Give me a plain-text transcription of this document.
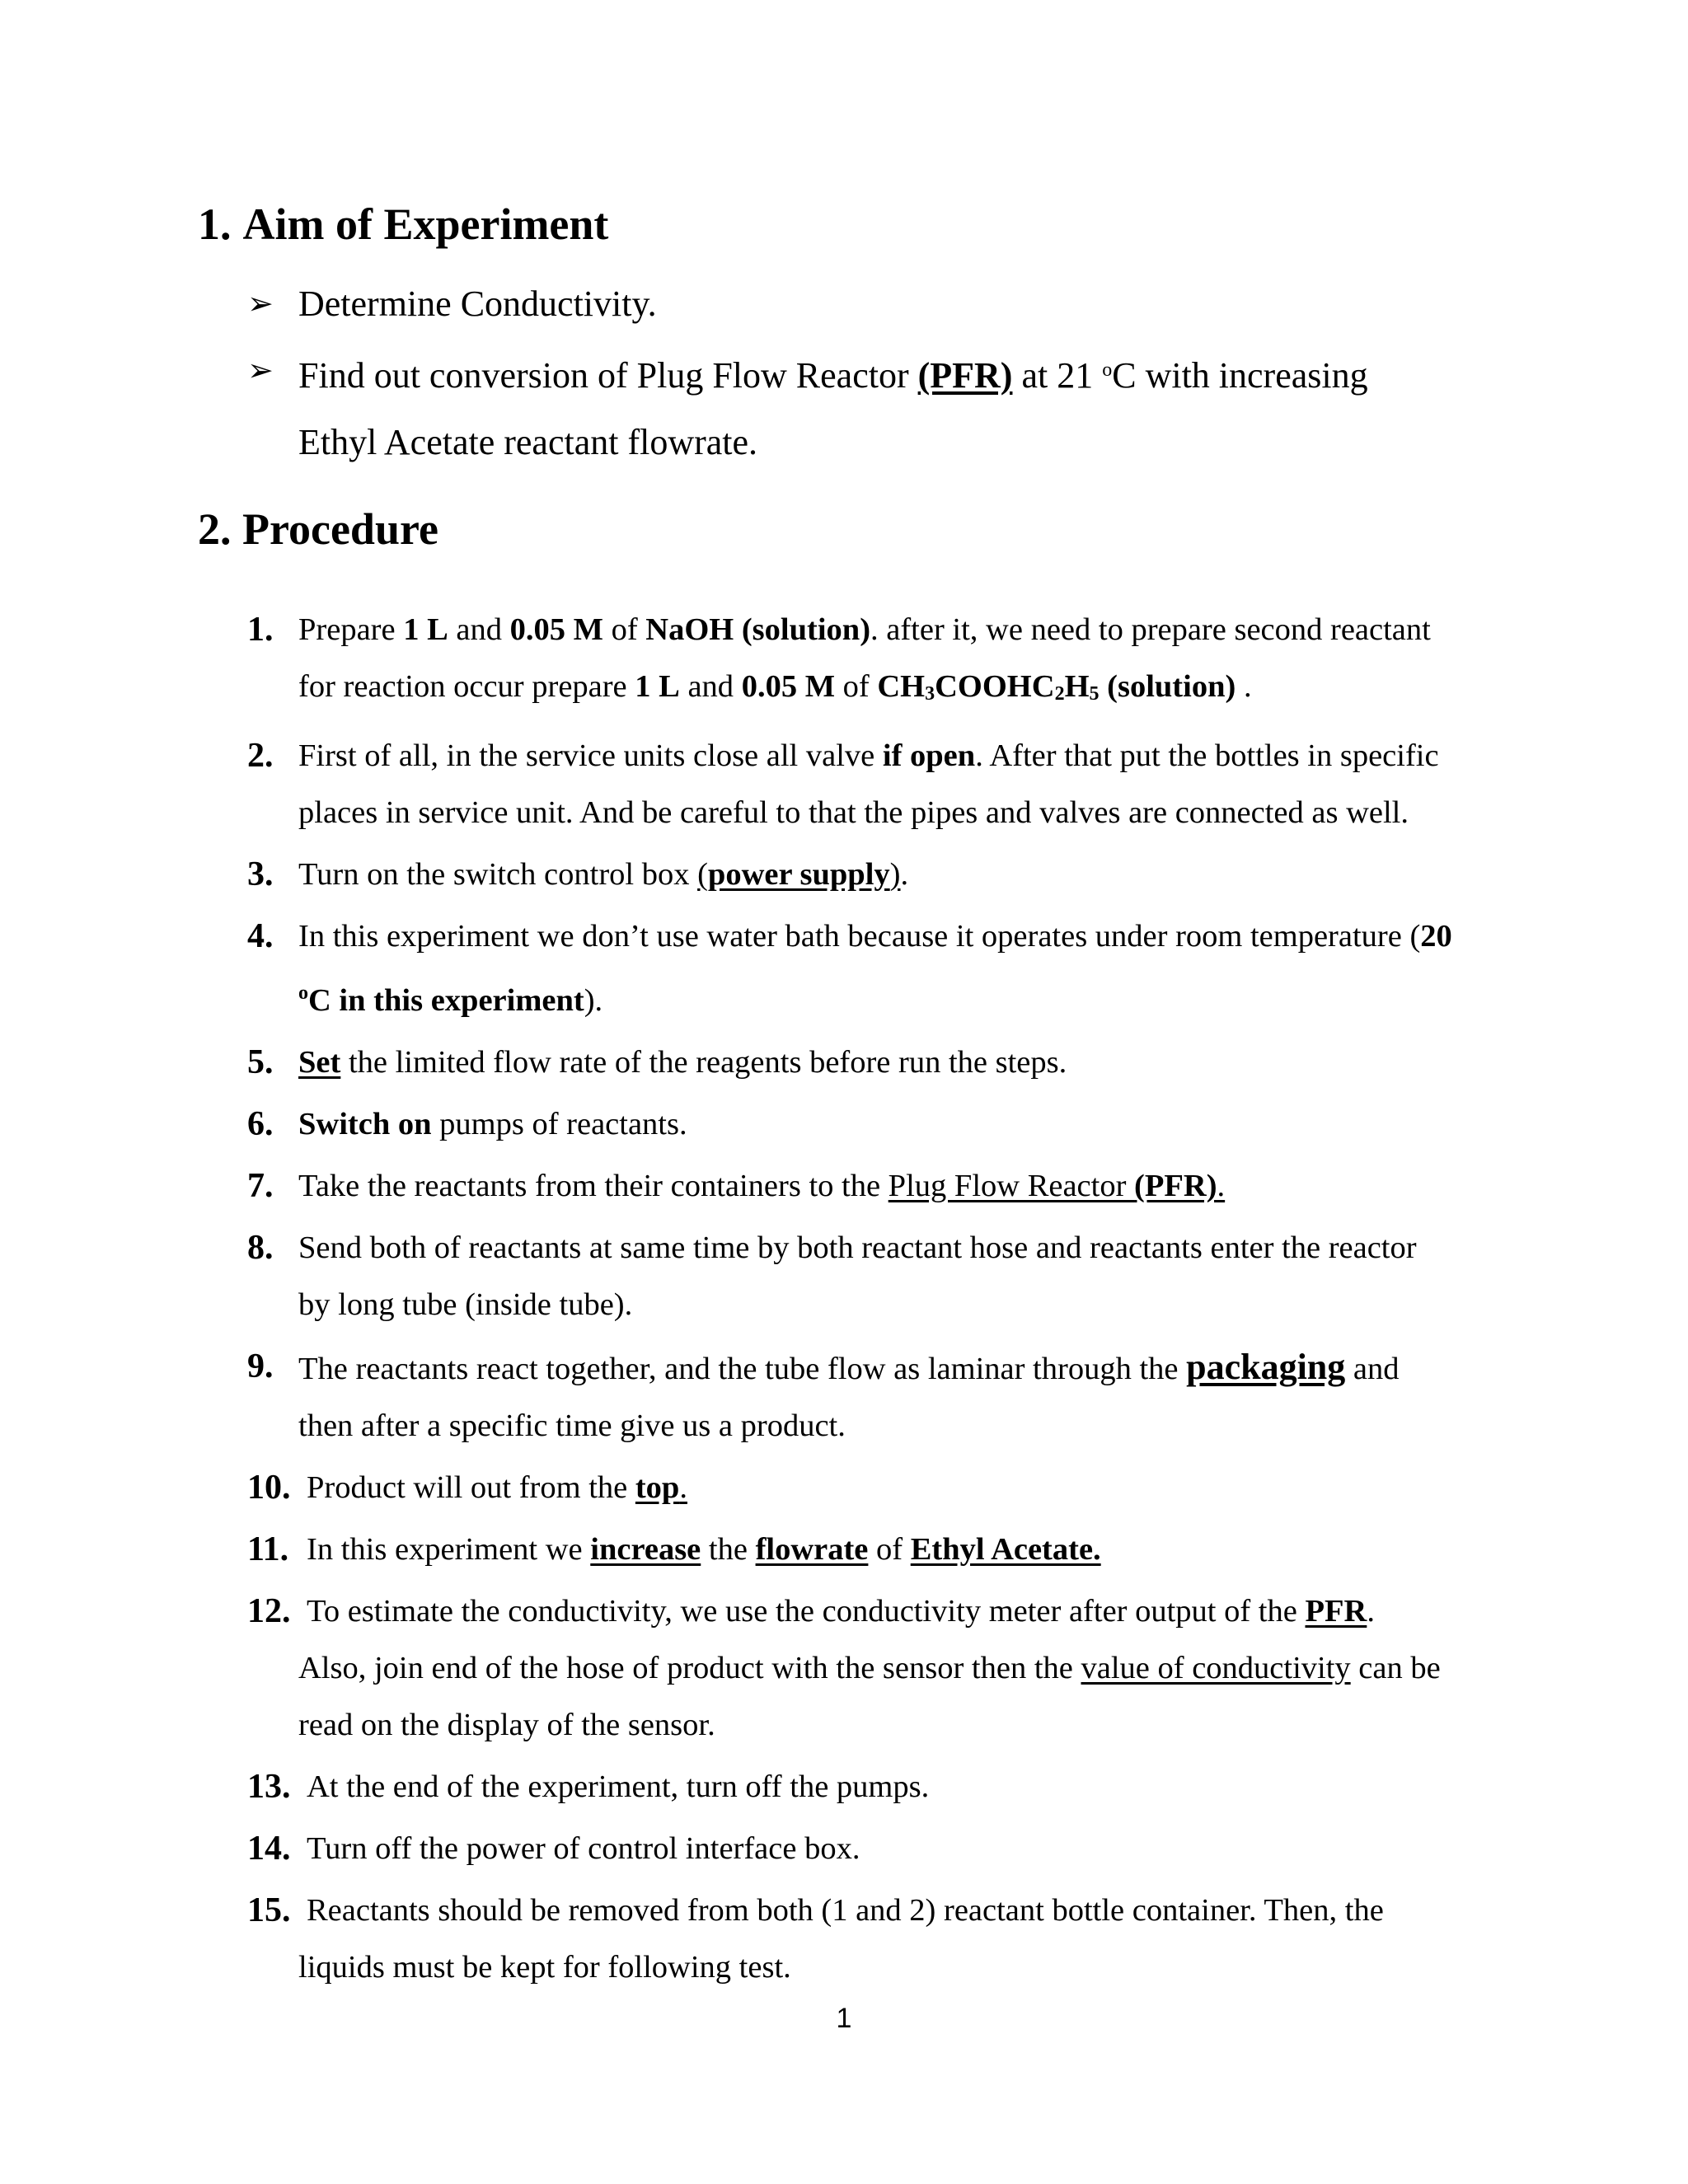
1. Aim of Experiment
➢ Determine Conductivity.
➢ Find out conversion of Plug Flow Reactor (PFR) at 21 $^o$C with increasing
Ethyl Acetate reactant flowrate.
2. Procedure
1. Prepare 1 L and 0.05 M of NaOH (solution). after it, we need to prepare second reactant
for reaction occur prepare 1 L and 0.05 M of $CH_3COOHC_2H_5$ (solution) .
2. First of all, in the service units close all valve if open. After that put the bottles in specific
places in service unit. And be careful to that the pipes and valves are connected as well.
3. Turn on the switch control box (power supply).
4. In this experiment we don’t use water bath because it operates under room temperature (20
$^o$C in this experiment).
5. Set the limited flow rate of the reagents before run the steps.
6. Switch on pumps of reactants.
7. Take the reactants from their containers to the Plug Flow Reactor (PFR).
8. Send both of reactants at same time by both reactant hose and reactants enter the reactor
by long tube (inside tube).
9. The reactants react together, and the tube flow as laminar through the packaging and
then after a specific time give us a product.
10. Product will out from the top.
11. In this experiment we increase the flowrate of Ethyl Acetate.
12. To estimate the conductivity, we use the conductivity meter after output of the PFR.
Also, join end of the hose of product with the sensor then the value of conductivity can be
read on the display of the sensor.
13. At the end of the experiment, turn off the pumps.
14. Turn off the power of control interface box.
15. Reactants should be removed from both (1 and 2) reactant bottle container. Then, the
liquids must be kept for following test.
1
